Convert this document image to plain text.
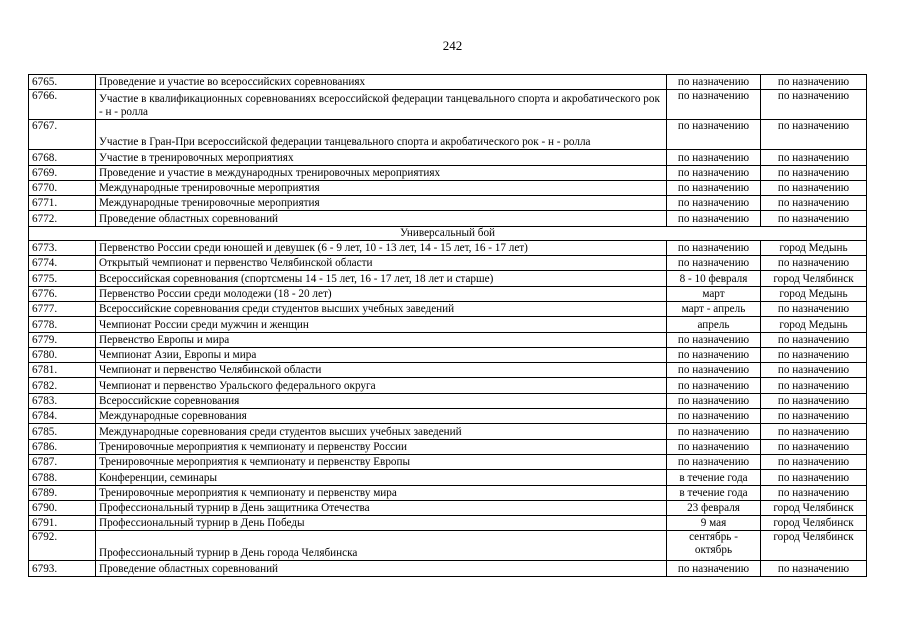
242
6765.	Проведение и участие во всероссийских соревнованиях	по назначению	по назначению
6766.	Участие в квалификационных соревнованиях всероссийской федерации танцевального спорта и акробатического рок - н - ролла	по назначению	по назначению
6767.	Участие в Гран-При всероссийской федерации танцевального спорта и акробатического рок - н - ролла	по назначению	по назначению
6768.	Участие в тренировочных мероприятиях	по назначению	по назначению
6769.	Проведение и участие в международных тренировочных мероприятиях	по назначению	по назначению
6770.	Международные тренировочные мероприятия	по назначению	по назначению
6771.	Международные тренировочные мероприятия	по назначению	по назначению
6772.	Проведение областных соревнований	по назначению	по назначению
Универсальный бой			
6773.	Первенство России среди юношей и девушек (6 - 9 лет, 10 - 13 лет, 14 - 15 лет, 16 - 17 лет)	по назначению	город Медынь
6774.	Открытый чемпионат и первенство Челябинской области	по назначению	по назначению
6775.	Всероссийская соревнования (спортсмены 14 - 15 лет, 16 - 17 лет, 18 лет и старше)	8 - 10 февраля	город Челябинск
6776.	Первенство России среди молодежи (18 - 20 лет)	март	город Медынь
6777.	Всероссийские соревнования среди студентов высших учебных заведений	март - апрель	по назначению
6778.	Чемпионат России среди мужчин и женщин	апрель	город Медынь
6779.	Первенство Европы и мира	по назначению	по назначению
6780.	Чемпионат Азии, Европы и мира	по назначению	по назначению
6781.	Чемпионат и первенство Челябинской области	по назначению	по назначению
6782.	Чемпионат и первенство Уральского федерального округа	по назначению	по назначению
6783.	Всероссийские соревнования	по назначению	по назначению
6784.	Международные соревнования	по назначению	по назначению
6785.	Международные соревнования среди студентов высших учебных заведений	по назначению	по назначению
6786.	Тренировочные мероприятия к чемпионату и первенству России	по назначению	по назначению
6787.	Тренировочные мероприятия к чемпионату и первенству Европы	по назначению	по назначению
6788.	Конференции, семинары	в течение года	по назначению
6789.	Тренировочные мероприятия к чемпионату и первенству мира	в течение года	по назначению
6790.	Профессиональный турнир в День защитника Отечества	23 февраля	город Челябинск
6791.	Профессиональный турнир в День Победы	9 мая	город Челябинск
6792.	Профессиональный турнир в День города Челябинска	сентябрь - октябрь	город Челябинск
6793.	Проведение областных соревнований	по назначению	по назначению
